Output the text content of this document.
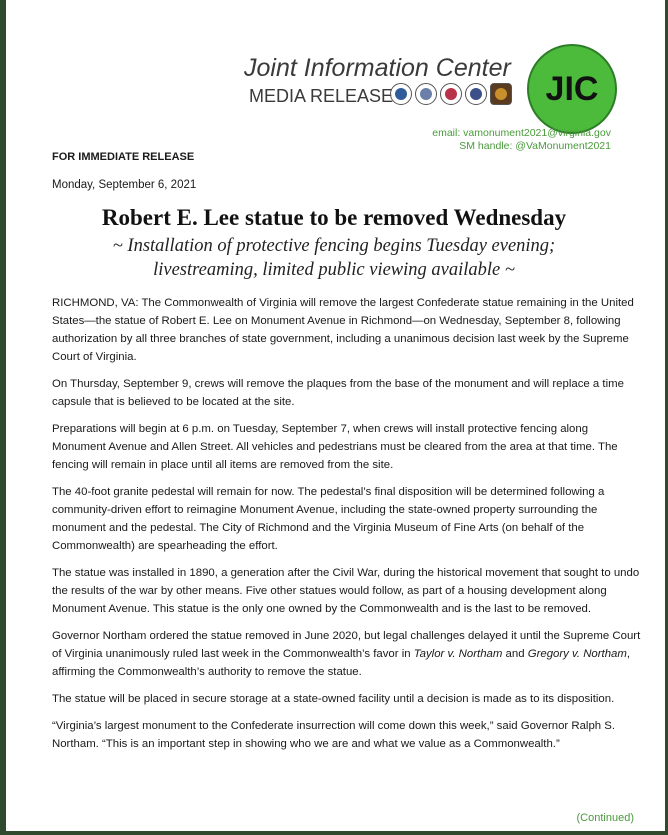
Joint Information Center
MEDIA RELEASE	JIC
email: vamonument2021@virginia.gov
SM handle: @VaMonument2021
FOR IMMEDIATE RELEASE
Monday, September 6, 2021
Robert E. Lee statue to be removed Wednesday
~ Installation of protective fencing begins Tuesday evening;
livestreaming, limited public viewing available ~

RICHMOND, VA: The Commonwealth of Virginia will remove the largest Confederate statue remaining in the United States—the statue of Robert E. Lee on Monument Avenue in Richmond—on Wednesday, September 8, following authorization by all three branches of state government, including a unanimous decision last week by the Supreme Court of Virginia.

On Thursday, September 9, crews will remove the plaques from the base of the monument and will replace a time capsule that is believed to be located at the site.

Preparations will begin at 6 p.m. on Tuesday, September 7, when crews will install protective fencing along Monument Avenue and Allen Street. All vehicles and pedestrians must be cleared from the area at that time. The fencing will remain in place until all items are removed from the site.

The 40-foot granite pedestal will remain for now. The pedestal’s final disposition will be determined following a community-driven effort to reimagine Monument Avenue, including the state-owned property surrounding the monument and the pedestal. The City of Richmond and the Virginia Museum of Fine Arts (on behalf of the Commonwealth) are spearheading the effort.

The statue was installed in 1890, a generation after the Civil War, during the historical movement that sought to undo the results of the war by other means. Five other statues would follow, as part of a housing development along Monument Avenue. This statue is the only one owned by the Commonwealth and is the last to be removed.

Governor Northam ordered the statue removed in June 2020, but legal challenges delayed it until the Supreme Court of Virginia unanimously ruled last week in the Commonwealth’s favor in Taylor v. Northam and Gregory v. Northam, affirming the Commonwealth’s authority to remove the statue.

The statue will be placed in secure storage at a state-owned facility until a decision is made as to its disposition.

“Virginia’s largest monument to the Confederate insurrection will come down this week,” said Governor Ralph S. Northam. “This is an important step in showing who we are and what we value as a Commonwealth.”

(Continued)
